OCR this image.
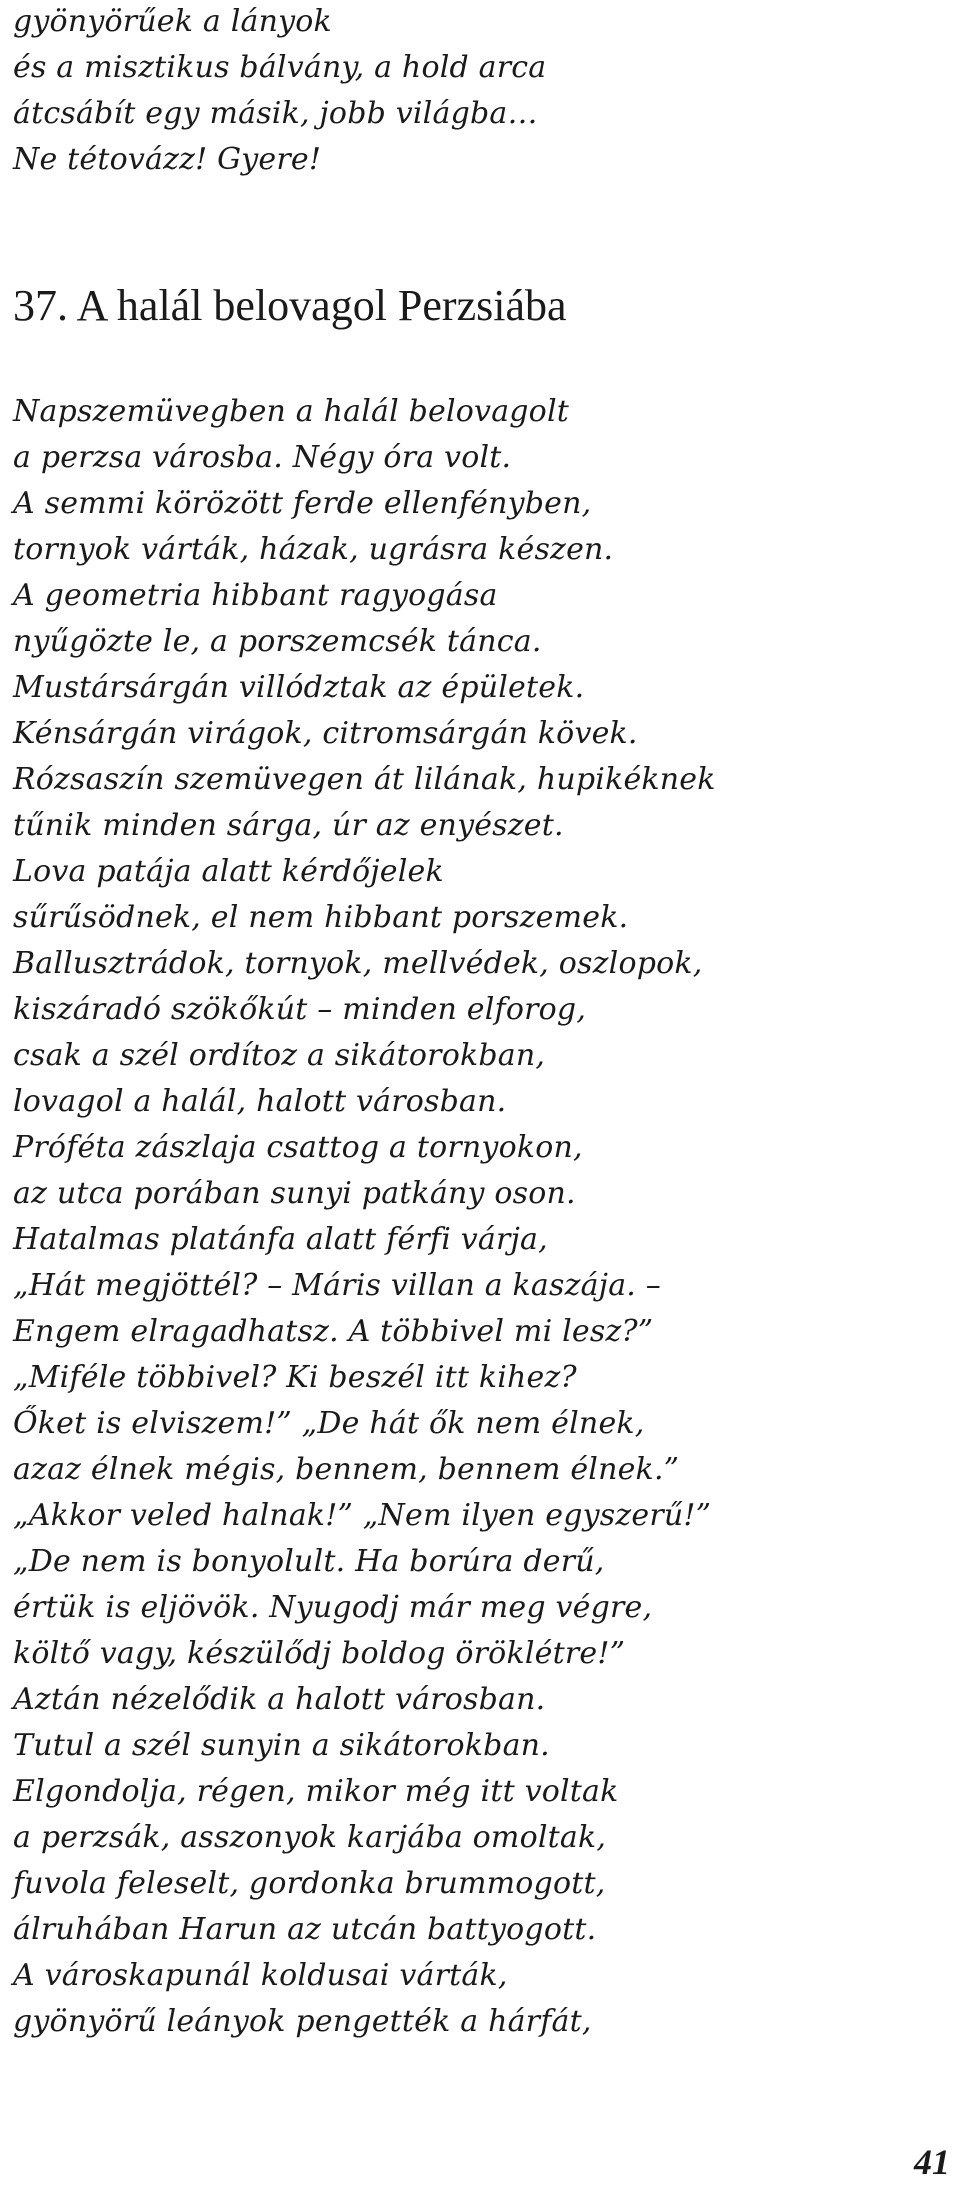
gyönyörűek a lányok
és a misztikus bálvány, a hold arca
átcsábít egy másik, jobb világba…
Ne tétovázz! Gyere!
37. A halál belovagol Perzsiába
Napszemüvegben a halál belovagolt
a perzsa városba. Négy óra volt.
A semmi körözött ferde ellenfényben,
tornyok várták, házak, ugrásra készen.
A geometria hibbant ragyogása
nyűgözte le, a porszemcsék tánca.
Mustársárgán villództak az épületek.
Kénsárgán virágok, citromsárgán kövek.
Rózsaszín szemüvegen át lilának, hupikéknek
tűnik minden sárga, úr az enyészet.
Lova patája alatt kérdőjelek
sűrűsödnek, el nem hibbant porszemek.
Ballusztrádok, tornyok, mellvédek, oszlopok,
kiszáradó szökőkút – minden elforog,
csak a szél ordítoz a sikátorokban,
lovagol a halál, halott városban.
Próféta zászlaja csattog a tornyokon,
az utca porában sunyi patkány oson.
Hatalmas platánfa alatt férfi várja,
„Hát megjöttél? – Máris villan a kaszája. –
Engem elragadhatsz. A többivel mi lesz?”
„Miféle többivel? Ki beszél itt kihez?
Őket is elviszem!” „De hát ők nem élnek,
azaz élnek mégis, bennem, bennem élnek.”
„Akkor veled halnak!” „Nem ilyen egyszerű!”
„De nem is bonyolult. Ha borúra derű,
értük is eljövök. Nyugodj már meg végre,
költő vagy, készülődj boldog öröklétre!”
Aztán nézelődik a halott városban.
Tutul a szél sunyin a sikátorokban.
Elgondolja, régen, mikor még itt voltak
a perzsák, asszonyok karjába omoltak,
fuvola feleselt, gordonka brummogott,
álruhában Harun az utcán battyogott.
A városkapunál koldusai várták,
gyönyörű leányok pengették a hárfát,
41
